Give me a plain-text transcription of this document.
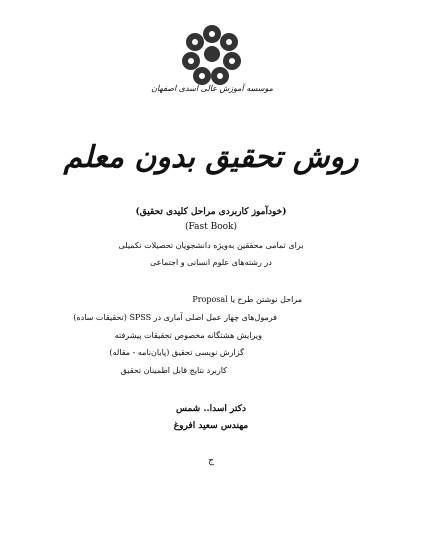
موسسه آموزش عالی اسدی اصفهان
روش تحقیق بدون معلم
(خودآموز کاربردی مراحل کلیدی تحقیق)
(Fast Book)
برای تمامی محققین به‌ویژه دانشجویان تحصیلات تکمیلی
در رشته‌های علوم انسانی و اجتماعی
مراحل نوشتن طرح یا Proposal
فرمول‌های چهار عمل اصلی آماری در SPSS (تحقیقات ساده)
ویرایش هشتگانه مخصوص تحقیقات پیشرفته
گزارش نویسی تحقیق (پایان‌نامه - مقاله)
کاربرد نتایج قابل اطمینان تحقیق
دکتر اسدا.. شمس
مهندس سعید افروغ
ج
